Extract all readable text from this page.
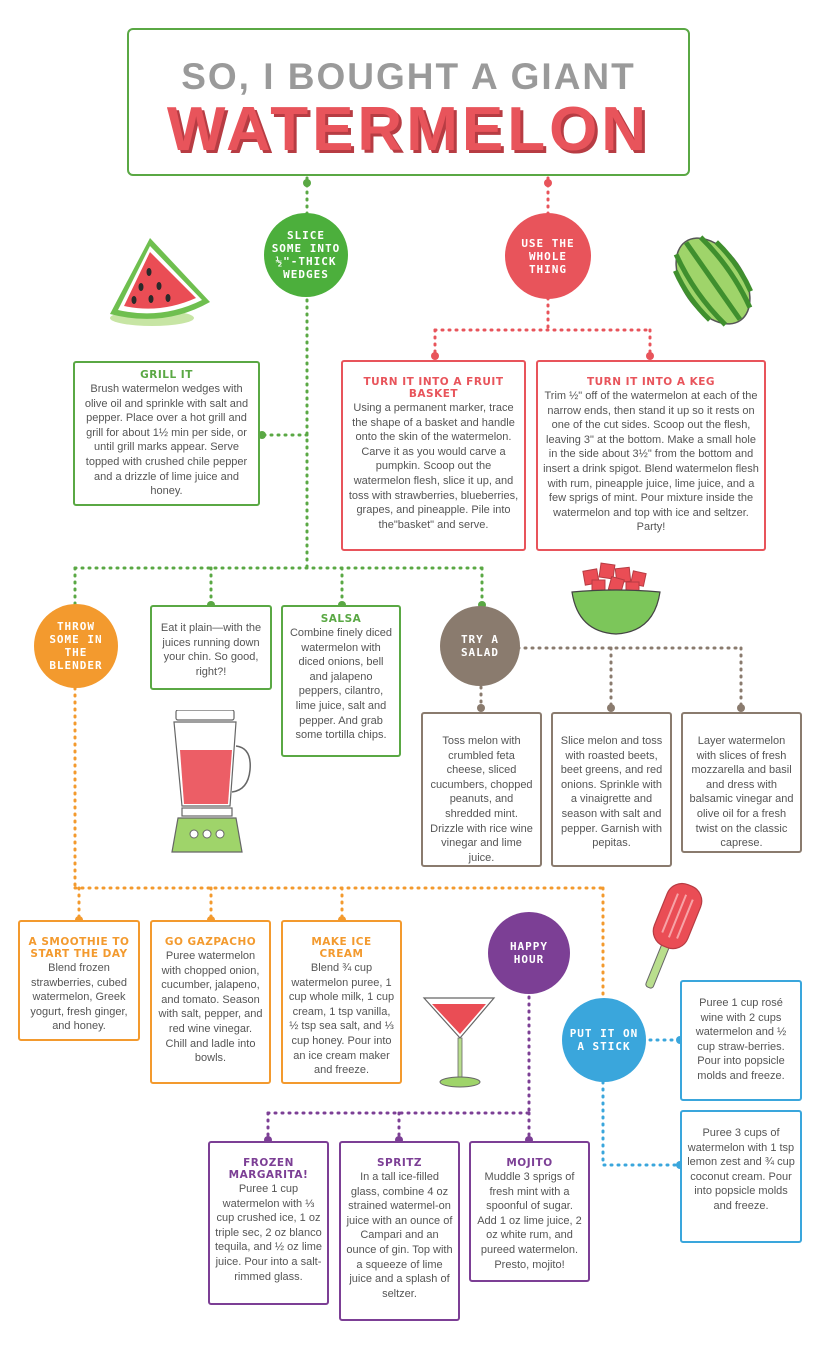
SO, I BOUGHT A GIANT
WATERMELON
SLICE SOME INTO ½"-THICK WEDGES
USE THE WHOLE THING
THROW SOME IN THE BLENDER
TRY A SALAD
HAPPY HOUR
PUT IT ON A STICK
GRILL IT
Brush watermelon wedges with olive oil and sprinkle with salt and pepper. Place over a hot grill and grill for about 1½ min per side, or until grill marks appear. Serve topped with crushed chile pepper and a drizzle of lime juice and honey.
Eat it plain—with the juices running down your chin. So good, right?!
SALSA
Combine finely diced watermelon with diced onions, bell and jalapeno peppers, cilantro, lime juice, salt and pepper. And grab some tortilla chips.
TURN IT INTO A FRUIT BASKET
Using a permanent marker, trace the shape of a basket and handle onto the skin of the watermelon. Carve it as you would carve a pumpkin. Scoop out the watermelon flesh, slice it up, and toss with strawberries, blueberries, grapes, and pineapple. Pile into the"basket" and serve.
TURN IT INTO A KEG
Trim ½" off of the watermelon at each of the narrow ends, then stand it up so it rests on one of the cut sides. Scoop out the flesh, leaving 3" at the bottom. Make a small hole in the side about 3½" from the bottom and insert a drink spigot. Blend watermelon flesh with rum, pineapple juice, lime juice, and a few sprigs of mint. Pour mixture inside the watermelon and top with ice and seltzer. Party!
Toss melon with crumbled feta cheese, sliced cucumbers, chopped peanuts, and shredded mint. Drizzle with rice wine vinegar and lime juice.
Slice melon and toss with roasted beets, beet greens, and red onions. Sprinkle with a vinaigrette and season with salt and pepper. Garnish with pepitas.
Layer watermelon with slices of fresh mozzarella and basil and dress with balsamic vinegar and olive oil for a fresh twist on the classic caprese.
A SMOOTHIE TO START THE DAY
Blend frozen strawberries, cubed watermelon, Greek yogurt, fresh ginger, and honey.
GO GAZPACHO
Puree watermelon with chopped onion, cucumber, jalapeno, and tomato. Season with salt, pepper, and red wine vinegar. Chill and ladle into bowls.
MAKE ICE CREAM
Blend ¾ cup watermelon puree, 1 cup whole milk, 1 cup cream, 1 tsp vanilla, ½ tsp sea salt, and ⅓ cup honey. Pour into an ice cream maker and freeze.
FROZEN MARGARITA!
Puree 1 cup watermelon with ⅓ cup crushed ice, 1 oz triple sec, 2 oz blanco tequila, and ½ oz lime juice. Pour into a salt-rimmed glass.
SPRITZ
In a tall ice-filled glass, combine 4 oz strained watermel-on juice with an ounce of Campari and an ounce of gin. Top with a squeeze of lime juice and a splash of seltzer.
MOJITO
Muddle 3 sprigs of fresh mint with a spoonful of sugar. Add 1 oz lime juice, 2 oz white rum, and pureed watermelon. Presto, mojito!
Puree 1 cup rosé wine with 2 cups watermelon and ½ cup straw-berries. Pour into popsicle molds and freeze.
Puree 3 cups of watermelon with 1 tsp lemon zest and ¾ cup coconut cream. Pour into popsicle molds and freeze.
